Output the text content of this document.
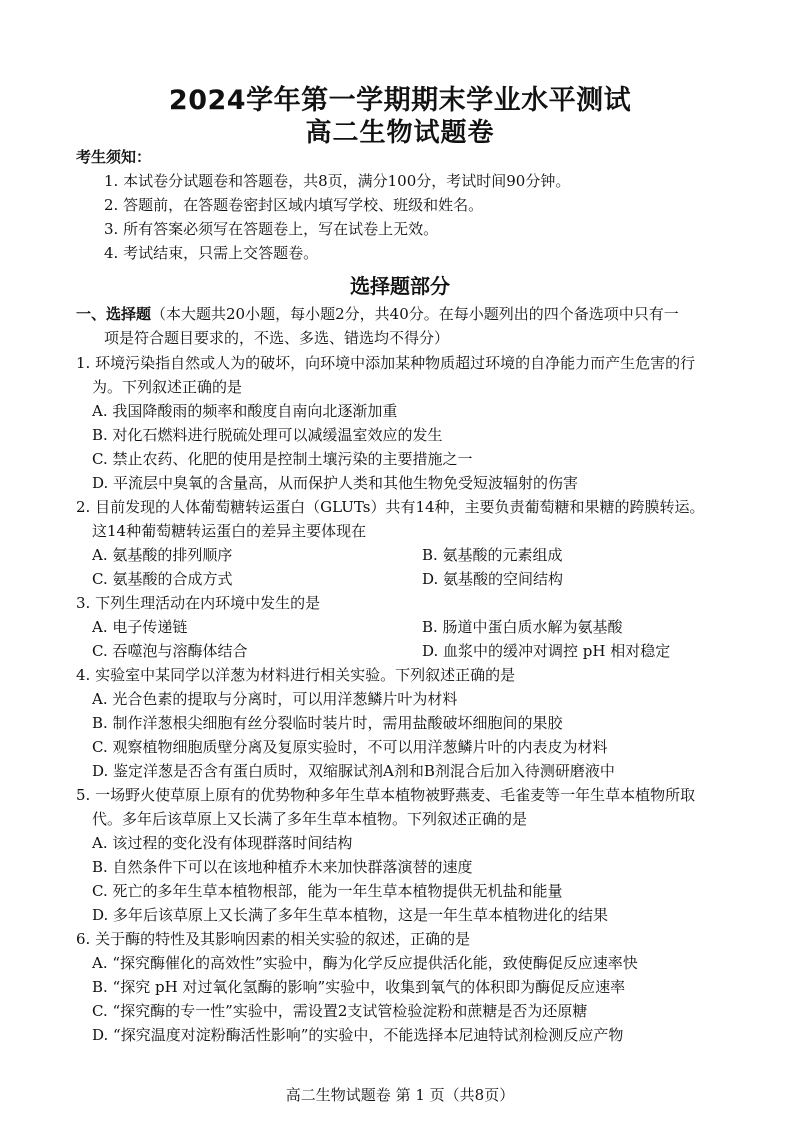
2024学年第一学期期末学业水平测试
高二生物试题卷
考生须知：
1. 本试卷分试题卷和答题卷，共8页，满分100分，考试时间90分钟。
2. 答题前，在答题卷密封区域内填写学校、班级和姓名。
3. 所有答案必须写在答题卷上，写在试卷上无效。
4. 考试结束，只需上交答题卷。
选择题部分
一、选择题（本大题共20小题，每小题2分，共40分。在每小题列出的四个备选项中只有一
项是符合题目要求的，不选、多选、错选均不得分）
1. 环境污染指自然或人为的破坏，向环境中添加某种物质超过环境的自净能力而产生危害的行
为。下列叙述正确的是
A. 我国降酸雨的频率和酸度自南向北逐渐加重
B. 对化石燃料进行脱硫处理可以减缓温室效应的发生
C. 禁止农药、化肥的使用是控制土壤污染的主要措施之一
D. 平流层中臭氧的含量高，从而保护人类和其他生物免受短波辐射的伤害
2. 目前发现的人体葡萄糖转运蛋白（GLUTs）共有14种，主要负责葡萄糖和果糖的跨膜转运。
这14种葡萄糖转运蛋白的差异主要体现在
A. 氨基酸的排列顺序	B. 氨基酸的元素组成
C. 氨基酸的合成方式	D. 氨基酸的空间结构
3. 下列生理活动在内环境中发生的是
A. 电子传递链	B. 肠道中蛋白质水解为氨基酸
C. 吞噬泡与溶酶体结合	D. 血浆中的缓冲对调控 pH 相对稳定
4. 实验室中某同学以洋葱为材料进行相关实验。下列叙述正确的是
A. 光合色素的提取与分离时，可以用洋葱鳞片叶为材料
B. 制作洋葱根尖细胞有丝分裂临时装片时，需用盐酸破坏细胞间的果胶
C. 观察植物细胞质壁分离及复原实验时，不可以用洋葱鳞片叶的内表皮为材料
D. 鉴定洋葱是否含有蛋白质时，双缩脲试剂A剂和B剂混合后加入待测研磨液中
5. 一场野火使草原上原有的优势物种多年生草本植物被野燕麦、毛雀麦等一年生草本植物所取
代。多年后该草原上又长满了多年生草本植物。下列叙述正确的是
A. 该过程的变化没有体现群落时间结构
B. 自然条件下可以在该地种植乔木来加快群落演替的速度
C. 死亡的多年生草本植物根部，能为一年生草本植物提供无机盐和能量
D. 多年后该草原上又长满了多年生草本植物，这是一年生草本植物进化的结果
6. 关于酶的特性及其影响因素的相关实验的叙述，正确的是
A. “探究酶催化的高效性”实验中，酶为化学反应提供活化能，致使酶促反应速率快
B. “探究 pH 对过氧化氢酶的影响”实验中，收集到氧气的体积即为酶促反应速率
C. “探究酶的专一性”实验中，需设置2支试管检验淀粉和蔗糖是否为还原糖
D. “探究温度对淀粉酶活性影响”的实验中，不能选择本尼迪特试剂检测反应产物
高二生物试题卷 第 1 页（共8页）
